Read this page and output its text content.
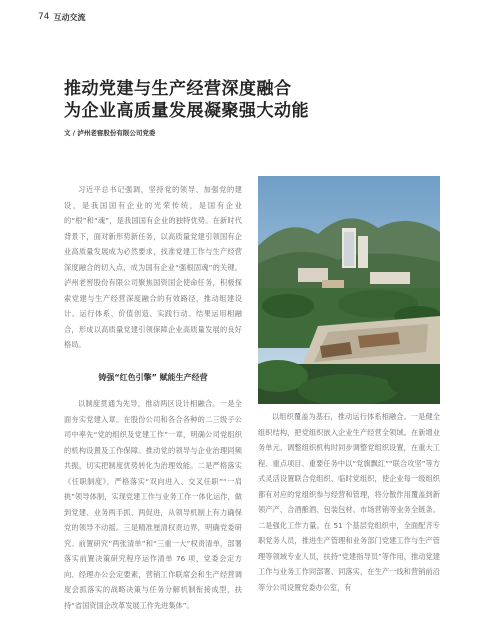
74 互动交流
推动党建与生产经营深度融合
为企业高质量发展凝聚强大动能
文 / 泸州老窖股份有限公司党委

习近平总书记强调，坚持党的领导、加强党的建设，是我国国有企业的光荣传统，是国有企业的“根”和“魂”，是我国国有企业的独特优势。在新时代背景下，面对新形势新任务，以高质量党建引领国有企业高质量发展成为必然要求，找准党建工作与生产经营深度融合的切入点，成为国有企业“强根固魂”的关键。泸州老窖股份有限公司聚焦国资国企使命任务，积极探索党建与生产经营深度融合的有效路径，推动组建设计、运行体系、价值创造、实践行动、结果运用相融合，形成以高质量党建引领保障企业高质量发展的良好格局。

铸强“红色引擎” 赋能生产经营

以制度贯通为先导，推动两区设计相融合。一是全面夯实党建入章。在股份公司和各合各种的二三级子公司中率先“党的组织及党建工作”一章，明确公司党组织的机构设置及工作保障。推动党的领导与企业治理同频共振，切实把制度优势转化为治理效能。二是严格落实《任职制度》，严格落实“双向进入、交叉任职”“一肩挑”领导体制，实现党建工作与业务工作一体化运作，做到党建、业务两手抓、两促进，从领导机制上有力确保党的领导不动摇。三是精准厘清权责边界，明确党委研究、前置研究“两张清单”和“三重一大”权责清单，部署落实前置决策研究程序运作清单 76 项，党委会定方向、经理办公会定要素，营销工作联席会和生产经营调度会抓落实的战略决策与任务分解机制衔接成型，扶持“省国资国企改革发展工作先进集体”。

以组织覆盖为基石，推动运行体系相融合。一是健全组织结构，把党组织嵌入企业生产经营全领域。在新增业务单元、调整组织机构时同步调整党组织设置，在重大工程、重点项目、重要任务中以“党旗飘红”“联合攻坚”等方式灵活设置联合党组织、临时党组织，使企业每一级组织都有对应的党组织参与经营和管理，将分散作用覆盖到新领产产、合酒酿酒、包装包材、市场营销等业务全链条。二是强化工作力量。在 51 个基层党组织中，全面配齐专职党务人员，推进生产管理和业务部门党建工作与生产管理等领域专业人员，扶持“党建指导员”等作用，推动党建工作与业务工作同部署、同落实，在生产一线和营销前沿等分公司设置党委办公室，有
